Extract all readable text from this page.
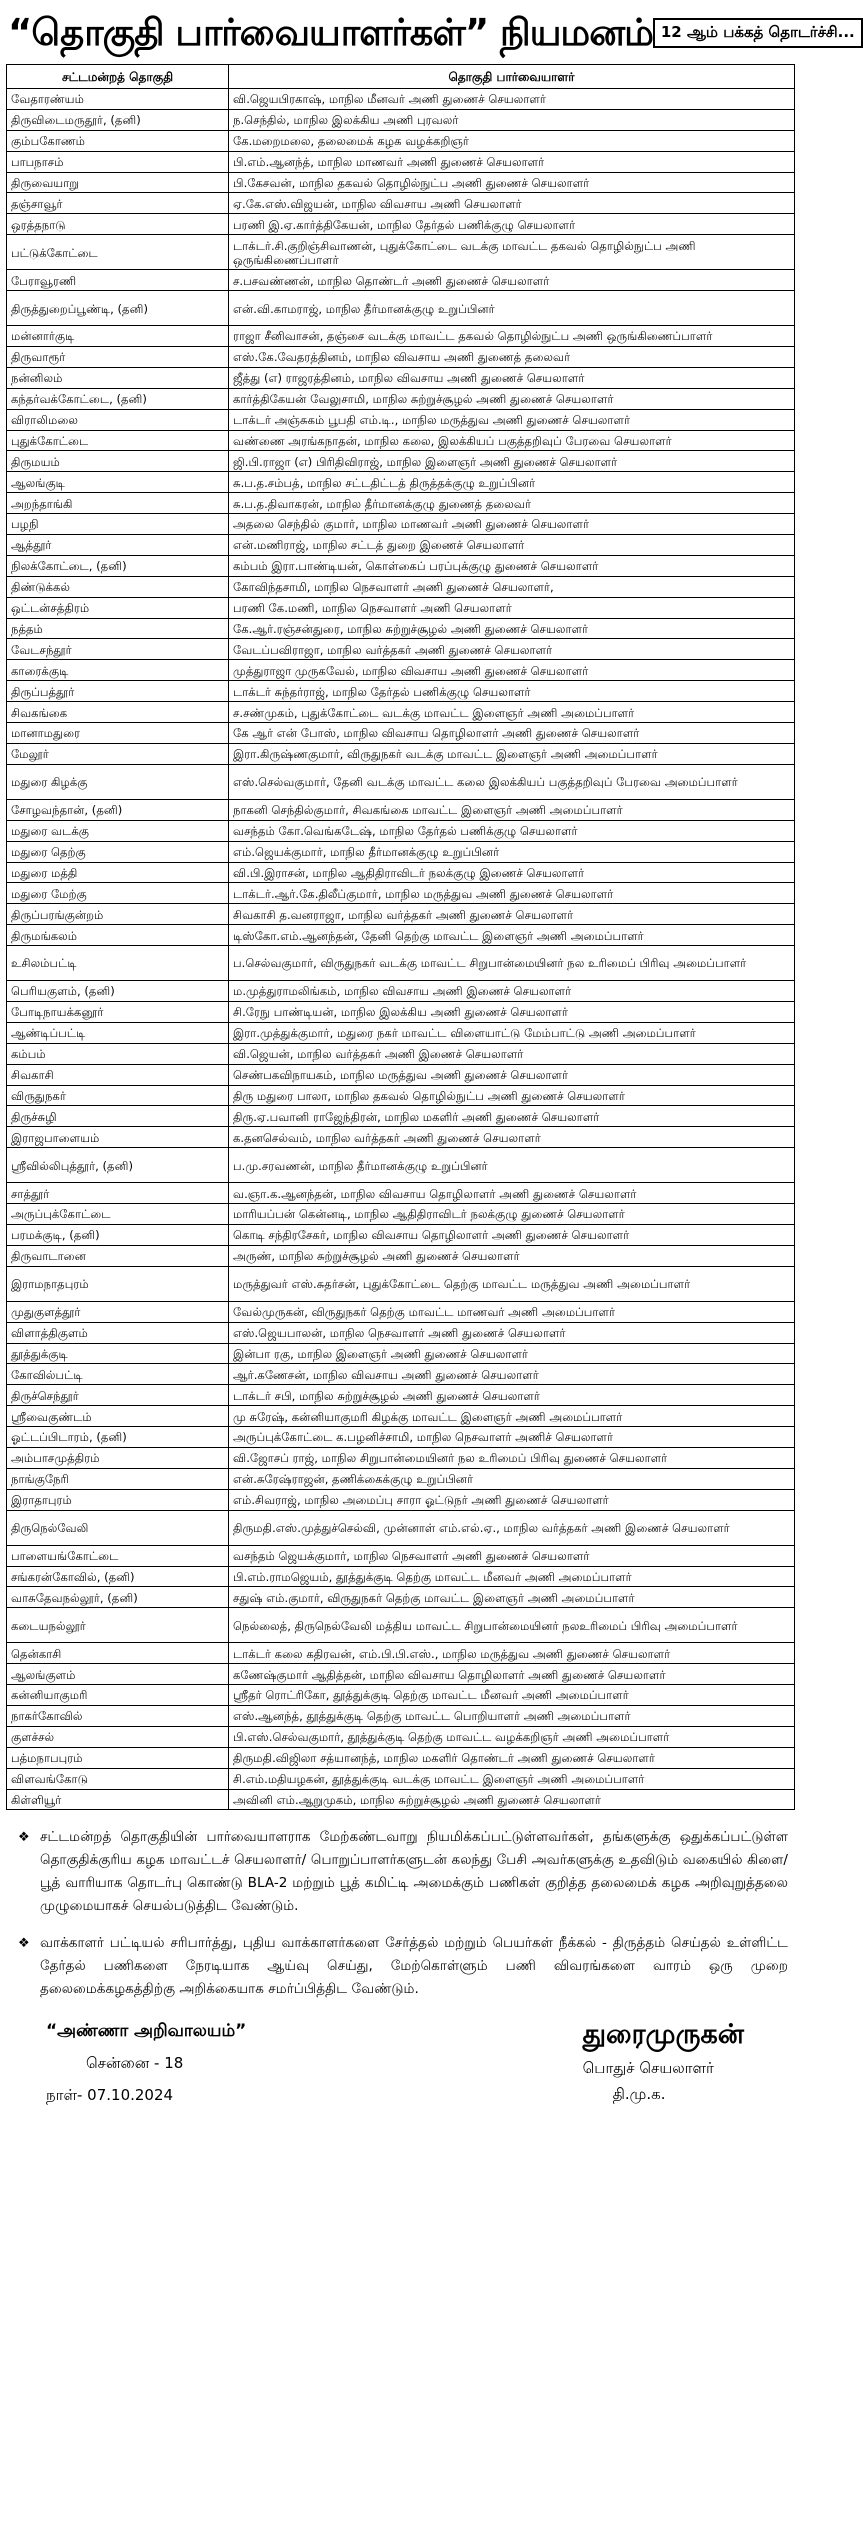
“தொகுதி பார்வையாளர்கள்” நியமனம் 12 ஆம் பக்கத் தொடர்ச்சி...
சட்டமன்றத் தொகுதி	தொகுதி பார்வையாளர்
வேதாரண்யம்	வி.ஜெயபிரகாஷ், மாநில மீனவர் அணி துணைச் செயலாளர்
திருவிடைமருதூர், (தனி)	ந.செந்தில், மாநில இலக்கிய அணி புரவலர்
கும்பகோணம்	கே.மறைமலை, தலைமைக் கழக வழக்கறிஞர்
பாபநாசம்	பி.எம்.ஆனந்த், மாநில மாணவர் அணி துணைச் செயலாளர்
திருவையாறு	பி.கேசவன், மாநில தகவல் தொழில்நுட்ப அணி துணைச் செயலாளர்
தஞ்சாவூர்	ஏ.கே.எஸ்.விஜயன், மாநில விவசாய அணி செயலாளர்
ஒரத்தநாடு	பரணி இ.ஏ.கார்த்திகேயன், மாநில தேர்தல் பணிக்குழு செயலாளர்
பட்டுக்கோட்டை	டாக்டர்.சி.குறிஞ்சிவாணன், புதுக்கோட்டை வடக்கு மாவட்ட தகவல் தொழில்நுட்ப அணி ஒருங்கிணைப்பாளர்
பேராவூரணி	ச.பசவண்ணன், மாநில தொண்டர் அணி துணைச் செயலாளர்
திருத்துறைப்பூண்டி, (தனி)	என்.வி.காமராஜ், மாநில தீர்மானக்குழு உறுப்பினர்
மன்னார்குடி	ராஜா சீனிவாசன், தஞ்சை வடக்கு மாவட்ட தகவல் தொழில்நுட்ப அணி ஒருங்கிணைப்பாளர்
திருவாரூர்	எஸ்.கே.வேதரத்தினம், மாநில விவசாய அணி துணைத் தலைவர்
நன்னிலம்	ஜீத்து (எ) ராஜரத்தினம், மாநில விவசாய அணி துணைச் செயலாளர்
கந்தர்வக்கோட்டை, (தனி)	கார்த்திகேயன் வேலுசாமி, மாநில சுற்றுச்சூழல் அணி துணைச் செயலாளர்
விராலிமலை	டாக்டர் அஞ்சுகம் பூபதி எம்.டி., மாநில மருத்துவ அணி துணைச் செயலாளர்
புதுக்கோட்டை	வண்ணை அரங்கநாதன், மாநில கலை, இலக்கியப் பகுத்தறிவுப் பேரவை செயலாளர்
திருமயம்	ஜி.பி.ராஜா (எ) பிரிதிவிராஜ், மாநில இளைஞர் அணி துணைச் செயலாளர்
ஆலங்குடி	சு.ப.த.சம்பத், மாநில சட்டதிட்டத் திருத்தக்குழு உறுப்பினர்
அறந்தாங்கி	சு.ப.த.திவாகரன், மாநில தீர்மானக்குழு துணைத் தலைவர்
பழநி	அதலை செந்தில் குமார், மாநில மாணவர் அணி துணைச் செயலாளர்
ஆத்தூர்	என்.மணிராஜ், மாநில சட்டத் துறை இணைச் செயலாளர்
நிலக்கோட்டை, (தனி)	கம்பம் இரா.பாண்டியன், கொள்கைப் பரப்புக்குழு துணைச் செயலாளர்
திண்டுக்கல்	கோவிந்தசாமி, மாநில நெசவாளர் அணி துணைச் செயலாளர்,
ஒட்டன்சத்திரம்	பரணி கே.மணி, மாநில நெசவாளர் அணி செயலாளர்
நத்தம்	கே.ஆர்.ரஞ்சன்துரை, மாநில சுற்றுச்சூழல் அணி துணைச் செயலாளர்
வேடசந்தூர்	வேடப்பவிராஜா, மாநில வர்த்தகர் அணி துணைச் செயலாளர்
காரைக்குடி	முத்துராஜா முருகவேல், மாநில விவசாய அணி துணைச் செயலாளர்
திருப்பத்தூர்	டாக்டர் சுந்தர்ராஜ், மாநில தேர்தல் பணிக்குழு செயலாளர்
சிவகங்கை	ச.சண்முகம், புதுக்கோட்டை வடக்கு மாவட்ட இளைஞர் அணி அமைப்பாளர்
மானாமதுரை	கே ஆர் என் போஸ், மாநில விவசாய தொழிலாளர் அணி துணைச் செயலாளர்
மேலூர்	இரா.கிருஷ்ணகுமார், விருதுநகர் வடக்கு மாவட்ட இளைஞர் அணி அமைப்பாளர்
மதுரை கிழக்கு	எஸ்.செல்வகுமார், தேனி வடக்கு மாவட்ட கலை இலக்கியப் பகுத்தறிவுப் பேரவை அமைப்பாளர்
சோழவந்தான், (தனி)	நாகனி செந்தில்குமார், சிவகங்கை மாவட்ட இளைஞர் அணி அமைப்பாளர்
மதுரை வடக்கு	வசந்தம் கோ.வெங்கடேஷ், மாநில தேர்தல் பணிக்குழு செயலாளர்
மதுரை தெற்கு	எம்.ஜெயக்குமார், மாநில தீர்மானக்குழு உறுப்பினர்
மதுரை மத்தி	வி.பி.இராசன், மாநில ஆதிதிராவிடர் நலக்குழு இணைச் செயலாளர்
மதுரை மேற்கு	டாக்டர்.ஆர்.கே.திலீப்குமார், மாநில மருத்துவ அணி துணைச் செயலாளர்
திருப்பரங்குன்றம்	சிவகாசி த.வனராஜா, மாநில வர்த்தகர் அணி துணைச் செயலாளர்
திருமங்கலம்	டிஸ்கோ.எம்.ஆனந்தன், தேனி தெற்கு மாவட்ட இளைஞர் அணி அமைப்பாளர்
உசிலம்பட்டி	ப.செல்வகுமார், விருதுநகர் வடக்கு மாவட்ட சிறுபான்மையினர் நல உரிமைப் பிரிவு அமைப்பாளர்
பெரியகுளம், (தனி)	ம.முத்துராமலிங்கம், மாநில விவசாய அணி இணைச் செயலாளர்
போடிநாயக்கனூர்	சி.ரேநு பாண்டியன், மாநில இலக்கிய அணி துணைச் செயலாளர்
ஆண்டிப்பட்டி	இரா.முத்துக்குமார், மதுரை நகர் மாவட்ட விளையாட்டு மேம்பாட்டு அணி அமைப்பாளர்
கம்பம்	வி.ஜெயன், மாநில வர்த்தகர் அணி இணைச் செயலாளர்
சிவகாசி	செண்பகவிநாயகம், மாநில மருத்துவ அணி துணைச் செயலாளர்
விருதுநகர்	திரு மதுரை பாலா, மாநில தகவல் தொழில்நுட்ப அணி துணைச் செயலாளர்
திருச்சுழி	திரு.ஏ.பவானி ராஜேந்திரன், மாநில மகளிர் அணி துணைச் செயலாளர்
இராஜபாளையம்	க.தனசெல்வம், மாநில வர்த்தகர் அணி துணைச் செயலாளர்
ஸ்ரீவில்லிபுத்தூர், (தனி)	ப.மு.சரவணன், மாநில தீர்மானக்குழு உறுப்பினர்
சாத்தூர்	வ.ஞா.க.ஆனந்தன், மாநில விவசாய தொழிலாளர் அணி துணைச் செயலாளர்
அருப்புக்கோட்டை	மாரியப்பன் கென்னடி, மாநில ஆதிதிராவிடர் நலக்குழு துணைச் செயலாளர்
பரமக்குடி, (தனி)	கொடி சந்திரசேகர், மாநில விவசாய தொழிலாளர் அணி துணைச் செயலாளர்
திருவாடானை	அருண், மாநில சுற்றுச்சூழல் அணி துணைச் செயலாளர்
இராமநாதபுரம்	மருத்துவர் எஸ்.சுதர்சன், புதுக்கோட்டை தெற்கு மாவட்ட மருத்துவ அணி அமைப்பாளர்
முதுகுளத்தூர்	வேல்முருகன், விருதுநகர் தெற்கு மாவட்ட மாணவர் அணி அமைப்பாளர்
விளாத்திகுளம்	எஸ்.ஜெயபாலன், மாநில நெசவாளர் அணி துணைச் செயலாளர்
தூத்துக்குடி	இன்பா ரகு, மாநில இளைஞர் அணி துணைச் செயலாளர்
கோவில்பட்டி	ஆர்.கணேசன், மாநில விவசாய அணி துணைச் செயலாளர்
திருச்செந்தூர்	டாக்டர் சபி, மாநில சுற்றுச்சூழல் அணி துணைச் செயலாளர்
ஸ்ரீவைகுண்டம்	மு சுரேஷ், கன்னியாகுமரி கிழக்கு மாவட்ட இளைஞர் அணி அமைப்பாளர்
ஓட்டப்பிடாரம், (தனி)	அருப்புக்கோட்டை க.பழனிச்சாமி, மாநில நெசவாளர் அணிச் செயலாளர்
அம்பாசமுத்திரம்	வி.ஜோசப் ராஜ், மாநில சிறுபான்மையினர் நல உரிமைப் பிரிவு துணைச் செயலாளர்
நாங்குநேரி	என்.சுரேஷ்ராஜன், தணிக்கைக்குழு உறுப்பினர்
இராதாபுரம்	எம்.சிவராஜ், மாநில அமைப்பு சாரா ஓட்டுநர் அணி துணைச் செயலாளர்
திருநெல்வேலி	திருமதி.எஸ்.முத்துச்செல்வி, முன்னாள் எம்.எல்.ஏ., மாநில வர்த்தகர் அணி இணைச் செயலாளர்
பாளையங்கோட்டை	வசந்தம் ஜெயக்குமார், மாநில நெசவாளர் அணி துணைச் செயலாளர்
சங்கரன்கோவில், (தனி)	பி.எம்.ராமஜெயம், தூத்துக்குடி தெற்கு மாவட்ட மீனவர் அணி அமைப்பாளர்
வாசுதேவநல்லூர், (தனி)	சதுஷ் எம்.குமார், விருதுநகர் தெற்கு மாவட்ட இளைஞர் அணி அமைப்பாளர்
கடையநல்லூர்	நெல்லைத், திருநெல்வேலி மத்திய மாவட்ட சிறுபான்மையினர் நலஉரிமைப் பிரிவு அமைப்பாளர்
தென்காசி	டாக்டர் கலை கதிரவன், எம்.பி.பி.எஸ்., மாநில மருத்துவ அணி துணைச் செயலாளர்
ஆலங்குளம்	கணேஷ்குமார் ஆதித்தன், மாநில விவசாய தொழிலாளர் அணி துணைச் செயலாளர்
கன்னியாகுமரி	ஸ்ரீதர் ரொட்ரிகோ, தூத்துக்குடி தெற்கு மாவட்ட மீனவர் அணி அமைப்பாளர்
நாகர்கோவில்	எஸ்.ஆனந்த், தூத்துக்குடி தெற்கு மாவட்ட பொறியாளர் அணி அமைப்பாளர்
குளச்சல்	பி.எஸ்.செல்வகுமார், தூத்துக்குடி தெற்கு மாவட்ட வழக்கறிஞர் அணி அமைப்பாளர்
பத்மநாபபுரம்	திருமதி.விஜிலா சத்யானந்த், மாநில மகளிர் தொண்டர் அணி துணைச் செயலாளர்
விளவங்கோடு	சி.எம்.மதியழகன், தூத்துக்குடி வடக்கு மாவட்ட இளைஞர் அணி அமைப்பாளர்
கிள்ளியூர்	அவினி எம்.ஆறுமுகம், மாநில சுற்றுச்சூழல் அணி துணைச் செயலாளர்
❖ சட்டமன்றத் தொகுதியின் பார்வையாளராக மேற்கண்டவாறு நியமிக்கப்பட்டுள்ளவர்கள், தங்களுக்கு ஒதுக்கப்பட்டுள்ள தொகுதிக்குரிய கழக மாவட்டச் செயலாளர்/ பொறுப்பாளர்களுடன் கலந்து பேசி அவர்களுக்கு உதவிடும் வகையில் கிளை/பூத் வாரியாக தொடர்பு கொண்டு BLA-2 மற்றும் பூத் கமிட்டி அமைக்கும் பணிகள் குறித்த தலைமைக் கழக அறிவுறுத்தலை முழுமையாகச் செயல்படுத்திட வேண்டும்.
❖ வாக்காளர் பட்டியல் சரிபார்த்து, புதிய வாக்காளர்களை சேர்த்தல் மற்றும் பெயர்கள் நீக்கல் - திருத்தம் செய்தல் உள்ளிட்ட தேர்தல் பணிகளை நேரடியாக ஆய்வு செய்து, மேற்கொள்ளும் பணி விவரங்களை வாரம் ஒரு முறை தலைமைக்கழகத்திற்கு அறிக்கையாக சமர்ப்பித்திட வேண்டும்.
“அண்ணா அறிவாலயம்”
சென்னை - 18
நாள்- 07.10.2024
துரைமுருகன்
பொதுச் செயலாளர்
தி.மு.க.
